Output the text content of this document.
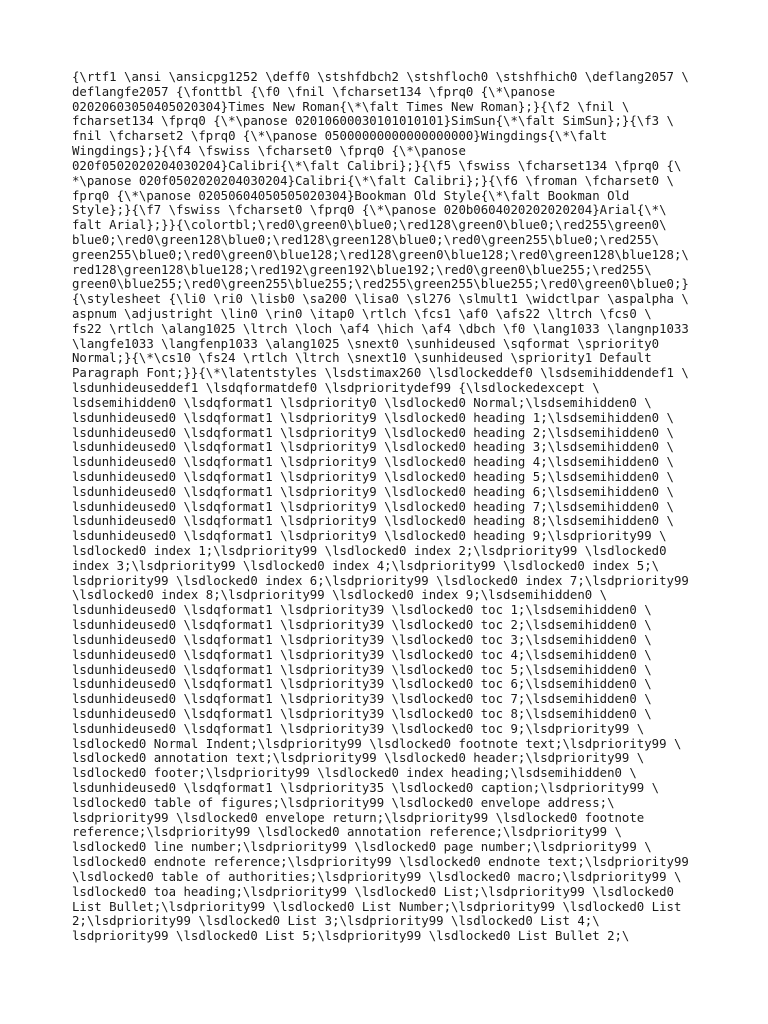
{\rtf1 \ansi \ansicpg1252 \deff0 \stshfdbch2 \stshfloch0 \stshfhich0 \deflang2057 \
deflangfe2057 {\fonttbl {\f0 \fnil \fcharset134 \fprq0 {\*\panose
02020603050405020304}Times New Roman{\*\falt Times New Roman};}{\f2 \fnil \
fcharset134 \fprq0 {\*\panose 02010600030101010101}SimSun{\*\falt SimSun};}{\f3 \
fnil \fcharset2 \fprq0 {\*\panose 05000000000000000000}Wingdings{\*\falt
Wingdings};}{\f4 \fswiss \fcharset0 \fprq0 {\*\panose
020f0502020204030204}Calibri{\*\falt Calibri};}{\f5 \fswiss \fcharset134 \fprq0 {\
*\panose 020f0502020204030204}Calibri{\*\falt Calibri};}{\f6 \froman \fcharset0 \
fprq0 {\*\panose 02050604050505020304}Bookman Old Style{\*\falt Bookman Old
Style};}{\f7 \fswiss \fcharset0 \fprq0 {\*\panose 020b0604020202020204}Arial{\*\
falt Arial};}}{\colortbl;\red0\green0\blue0;\red128\green0\blue0;\red255\green0\
blue0;\red0\green128\blue0;\red128\green128\blue0;\red0\green255\blue0;\red255\
green255\blue0;\red0\green0\blue128;\red128\green0\blue128;\red0\green128\blue128;\
red128\green128\blue128;\red192\green192\blue192;\red0\green0\blue255;\red255\
green0\blue255;\red0\green255\blue255;\red255\green255\blue255;\red0\green0\blue0;}
{\stylesheet {\li0 \ri0 \lisb0 \sa200 \lisa0 \sl276 \slmult1 \widctlpar \aspalpha \
aspnum \adjustright \lin0 \rin0 \itap0 \rtlch \fcs1 \af0 \afs22 \ltrch \fcs0 \
fs22 \rtlch \alang1025 \ltrch \loch \af4 \hich \af4 \dbch \f0 \lang1033 \langnp1033
\langfe1033 \langfenp1033 \alang1025 \snext0 \sunhideused \sqformat \spriority0
Normal;}{\*\cs10 \fs24 \rtlch \ltrch \snext10 \sunhideused \spriority1 Default
Paragraph Font;}}{\*\latentstyles \lsdstimax260 \lsdlockeddef0 \lsdsemihiddendef1 \
lsdunhideuseddef1 \lsdqformatdef0 \lsdprioritydef99 {\lsdlockedexcept \
lsdsemihidden0 \lsdqformat1 \lsdpriority0 \lsdlocked0 Normal;\lsdsemihidden0 \
lsdunhideused0 \lsdqformat1 \lsdpriority9 \lsdlocked0 heading 1;\lsdsemihidden0 \
lsdunhideused0 \lsdqformat1 \lsdpriority9 \lsdlocked0 heading 2;\lsdsemihidden0 \
lsdunhideused0 \lsdqformat1 \lsdpriority9 \lsdlocked0 heading 3;\lsdsemihidden0 \
lsdunhideused0 \lsdqformat1 \lsdpriority9 \lsdlocked0 heading 4;\lsdsemihidden0 \
lsdunhideused0 \lsdqformat1 \lsdpriority9 \lsdlocked0 heading 5;\lsdsemihidden0 \
lsdunhideused0 \lsdqformat1 \lsdpriority9 \lsdlocked0 heading 6;\lsdsemihidden0 \
lsdunhideused0 \lsdqformat1 \lsdpriority9 \lsdlocked0 heading 7;\lsdsemihidden0 \
lsdunhideused0 \lsdqformat1 \lsdpriority9 \lsdlocked0 heading 8;\lsdsemihidden0 \
lsdunhideused0 \lsdqformat1 \lsdpriority9 \lsdlocked0 heading 9;\lsdpriority99 \
lsdlocked0 index 1;\lsdpriority99 \lsdlocked0 index 2;\lsdpriority99 \lsdlocked0
index 3;\lsdpriority99 \lsdlocked0 index 4;\lsdpriority99 \lsdlocked0 index 5;\
lsdpriority99 \lsdlocked0 index 6;\lsdpriority99 \lsdlocked0 index 7;\lsdpriority99
\lsdlocked0 index 8;\lsdpriority99 \lsdlocked0 index 9;\lsdsemihidden0 \
lsdunhideused0 \lsdqformat1 \lsdpriority39 \lsdlocked0 toc 1;\lsdsemihidden0 \
lsdunhideused0 \lsdqformat1 \lsdpriority39 \lsdlocked0 toc 2;\lsdsemihidden0 \
lsdunhideused0 \lsdqformat1 \lsdpriority39 \lsdlocked0 toc 3;\lsdsemihidden0 \
lsdunhideused0 \lsdqformat1 \lsdpriority39 \lsdlocked0 toc 4;\lsdsemihidden0 \
lsdunhideused0 \lsdqformat1 \lsdpriority39 \lsdlocked0 toc 5;\lsdsemihidden0 \
lsdunhideused0 \lsdqformat1 \lsdpriority39 \lsdlocked0 toc 6;\lsdsemihidden0 \
lsdunhideused0 \lsdqformat1 \lsdpriority39 \lsdlocked0 toc 7;\lsdsemihidden0 \
lsdunhideused0 \lsdqformat1 \lsdpriority39 \lsdlocked0 toc 8;\lsdsemihidden0 \
lsdunhideused0 \lsdqformat1 \lsdpriority39 \lsdlocked0 toc 9;\lsdpriority99 \
lsdlocked0 Normal Indent;\lsdpriority99 \lsdlocked0 footnote text;\lsdpriority99 \
lsdlocked0 annotation text;\lsdpriority99 \lsdlocked0 header;\lsdpriority99 \
lsdlocked0 footer;\lsdpriority99 \lsdlocked0 index heading;\lsdsemihidden0 \
lsdunhideused0 \lsdqformat1 \lsdpriority35 \lsdlocked0 caption;\lsdpriority99 \
lsdlocked0 table of figures;\lsdpriority99 \lsdlocked0 envelope address;\
lsdpriority99 \lsdlocked0 envelope return;\lsdpriority99 \lsdlocked0 footnote
reference;\lsdpriority99 \lsdlocked0 annotation reference;\lsdpriority99 \
lsdlocked0 line number;\lsdpriority99 \lsdlocked0 page number;\lsdpriority99 \
lsdlocked0 endnote reference;\lsdpriority99 \lsdlocked0 endnote text;\lsdpriority99
\lsdlocked0 table of authorities;\lsdpriority99 \lsdlocked0 macro;\lsdpriority99 \
lsdlocked0 toa heading;\lsdpriority99 \lsdlocked0 List;\lsdpriority99 \lsdlocked0
List Bullet;\lsdpriority99 \lsdlocked0 List Number;\lsdpriority99 \lsdlocked0 List
2;\lsdpriority99 \lsdlocked0 List 3;\lsdpriority99 \lsdlocked0 List 4;\
lsdpriority99 \lsdlocked0 List 5;\lsdpriority99 \lsdlocked0 List Bullet 2;\
